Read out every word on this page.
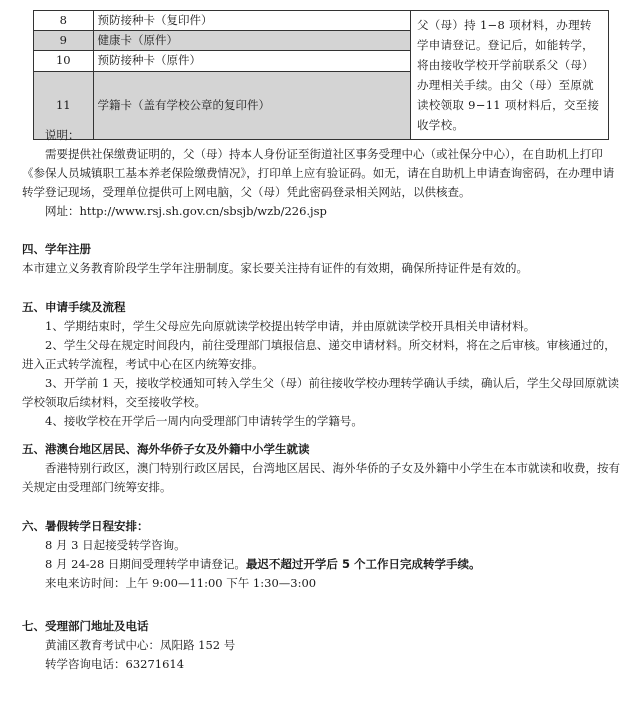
8	预防接种卡（复印件）	父（母）持 1−8 项材料，办理转学申请登记。登记后，如能转学，将由接收学校开学前联系父（母）办理相关手续。由父（母）至原就读校领取 9−11 项材料后，交至接收学校。
9	健康卡（原件）	
10	预防接种卡（原件）	
11	学籍卡（盖有学校公章的复印件）	

说明：

需要提供社保缴费证明的，父（母）持本人身份证至街道社区事务受理中心（或社保分中心），在自助机上打印《参保人员城镇职工基本养老保险缴费情况》，打印单上应有验证码。如无，请在自助机上申请查询密码，在办理申请转学登记现场，受理单位提供可上网电脑，父（母）凭此密码登录相关网站，以供核查。

网址：http://www.rsj.sh.gov.cn/sbsjb/wzb/226.jsp

四、学年注册

本市建立义务教育阶段学生学年注册制度。家长要关注持有证件的有效期，确保所持证件是有效的。

五、申请手续及流程

1、学期结束时，学生父母应先向原就读学校提出转学申请，并由原就读学校开具相关申请材料。

2、学生父母在规定时间段内，前往受理部门填报信息、递交申请材料。所交材料，将在之后审核。审核通过的，进入正式转学流程，考试中心在区内统筹安排。

3、开学前 1 天，接收学校通知可转入学生父（母）前往接收学校办理转学确认手续，确认后，学生父母回原就读学校领取后续材料，交至接收学校。

4、接收学校在开学后一周内向受理部门申请转学生的学籍号。

五、港澳台地区居民、海外华侨子女及外籍中小学生就读

香港特别行政区，澳门特别行政区居民，台湾地区居民、海外华侨的子女及外籍中小学生在本市就读和收费，按有关规定由受理部门统筹安排。

六、暑假转学日程安排：

8 月 3 日起接受转学咨询。

8 月 24-28 日期间受理转学申请登记。最迟不超过开学后 5 个工作日完成转学手续。

来电来访时间：上午 9:00—11:00 下午 1:30—3:00

七、受理部门地址及电话

黄浦区教育考试中心：凤阳路 152 号

转学咨询电话：63271614
